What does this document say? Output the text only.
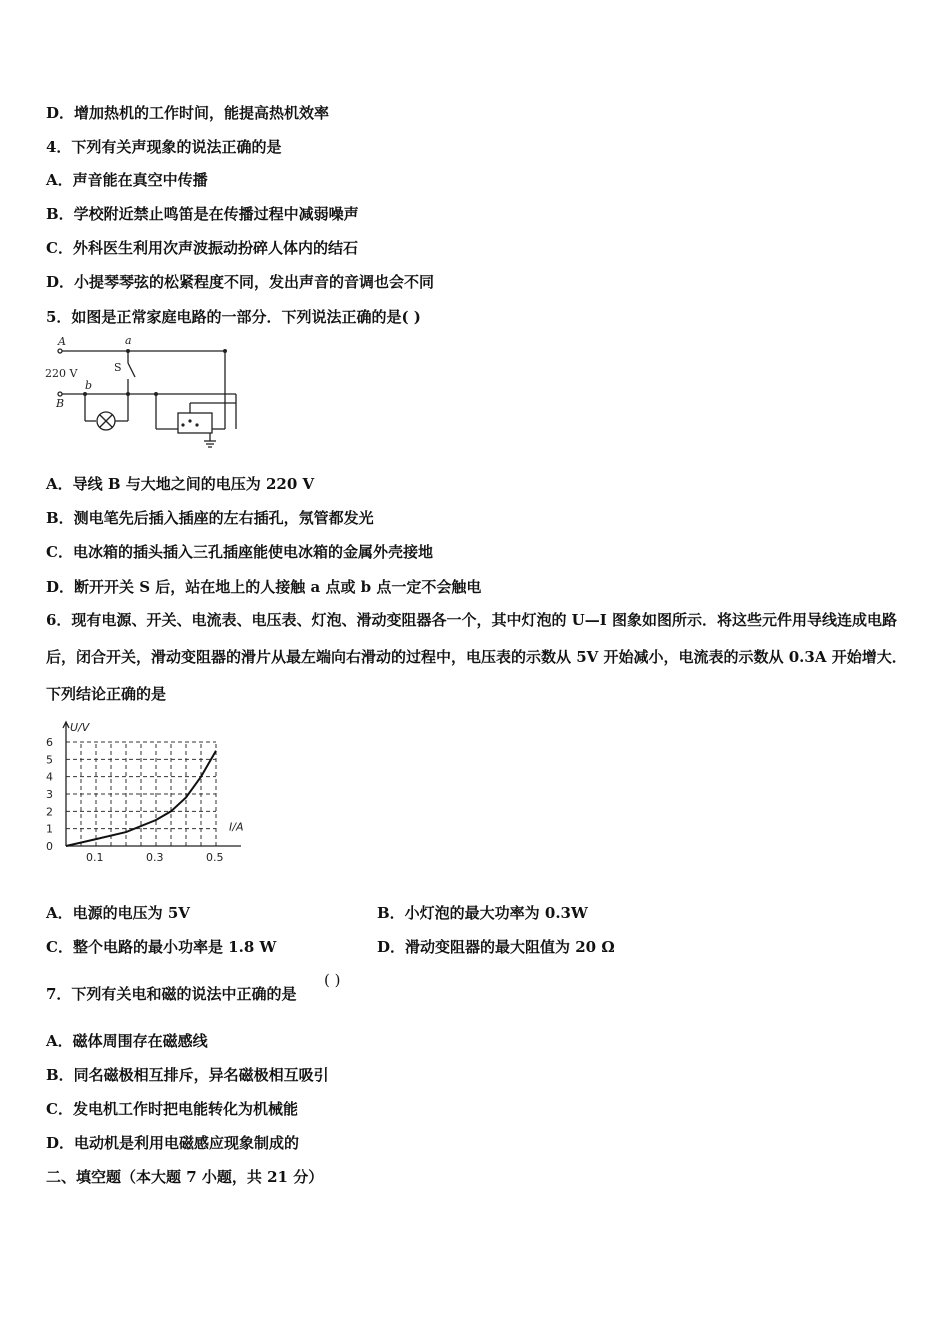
D．增加热机的工作时间，能提高热机效率
4．下列有关声现象的说法正确的是
A．声音能在真空中传播
B．学校附近禁止鸣笛是在传播过程中减弱噪声
C．外科医生利用次声波振动扮碎人体内的结石
D．小提琴琴弦的松紧程度不同，发出声音的音调也会不同
5．如图是正常家庭电路的一部分．下列说法正确的是( )
A	a
b
B
220 V	S
A．导线 B 与大地之间的电压为 220 V
B．测电笔先后插入插座的左右插孔，氖管都发光
C．电冰箱的插头插入三孔插座能使电冰箱的金属外壳接地
D．断开开关 S 后，站在地上的人接触 a 点或 b 点一定不会触电
6．现有电源、开关、电流表、电压表、灯泡、滑动变阻器各一个，其中灯泡的 U—I 图象如图所示．将这些元件用导线连成电路后，闭合开关，滑动变阻器的滑片从最左端向右滑动的过程中，电压表的示数从 5V 开始减小，电流表的示数从 0.3A 开始增大．下列结论正确的是
0
1
2
3
4
5
6
0.1	0.3	0.5
I/A
U/V
A．电源的电压为 5V	B．小灯泡的最大功率为 0.3W
C．整个电路的最小功率是 1.8 W	D．滑动变阻器的最大阻值为 20 Ω
7．下列有关电和磁的说法中正确的是
( )
A．磁体周围存在磁感线
B．同名磁极相互排斥，异名磁极相互吸引
C．发电机工作时把电能转化为机械能
D．电动机是利用电磁感应现象制成的
二、填空题（本大题 7 小题，共 21 分）
